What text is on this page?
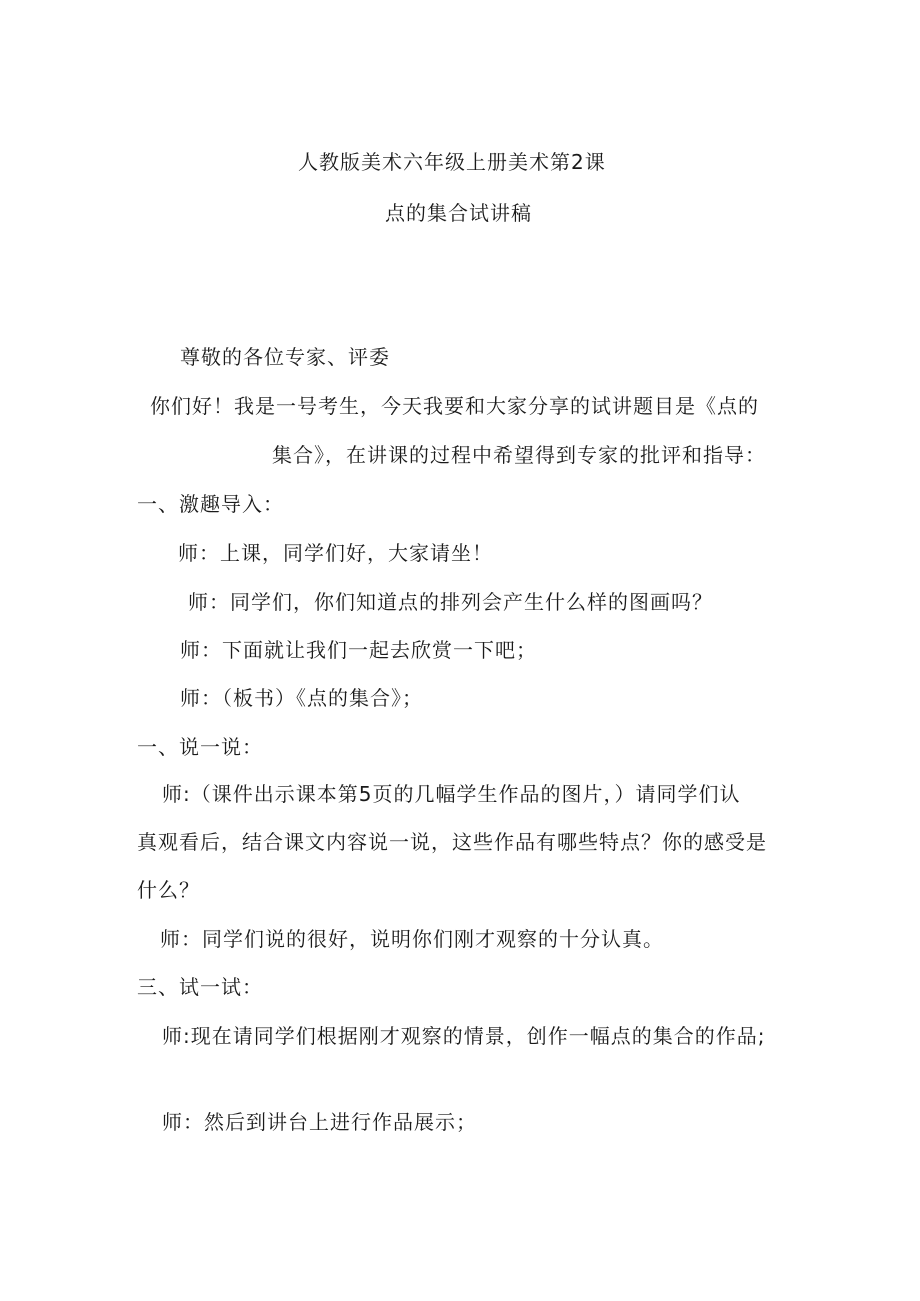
人教版美术六年级上册美术第2课
点的集合试讲稿
尊敬的各位专家、评委
你们好！我是一号考生，今天我要和大家分享的试讲题目是《点的
集合》，在讲课的过程中希望得到专家的批评和指导：
一、激趣导入：
师：上课，同学们好，大家请坐！
师：同学们，你们知道点的排列会产生什么样的图画吗？
师：下面就让我们一起去欣赏一下吧；
师：（板书）《点的集合》；
一、说一说：
师:（课件出示课本第5页的几幅学生作品的图片，）请同学们认
真观看后，结合课文内容说一说，这些作品有哪些特点？你的感受是
什么？
师：同学们说的很好，说明你们刚才观察的十分认真。
三、试一试：
师:现在请同学们根据刚才观察的情景，创作一幅点的集合的作品;
师：然后到讲台上进行作品展示；
